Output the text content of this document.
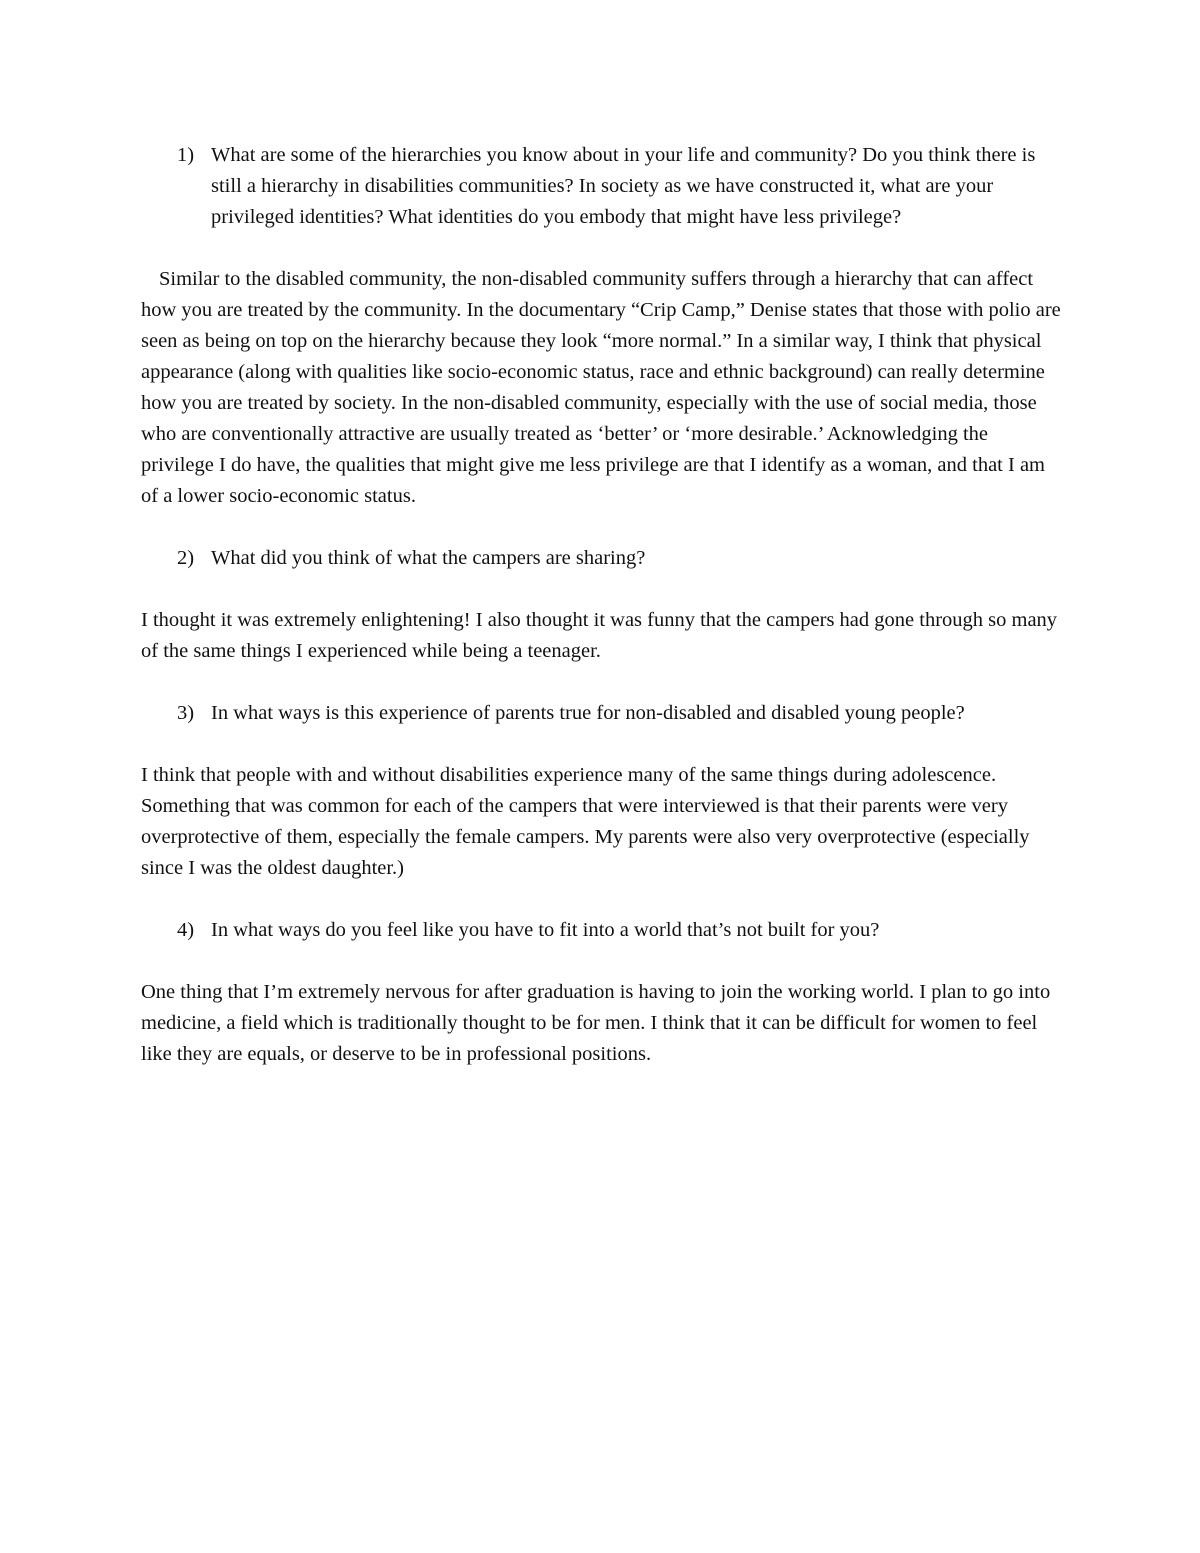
1) What are some of the hierarchies you know about in your life and community? Do you think there is still a hierarchy in disabilities communities? In society as we have constructed it, what are your privileged identities? What identities do you embody that might have less privilege?

Similar to the disabled community, the non-disabled community suffers through a hierarchy that can affect how you are treated by the community. In the documentary “Crip Camp,” Denise states that those with polio are seen as being on top on the hierarchy because they look “more normal.” In a similar way, I think that physical appearance (along with qualities like socio-economic status, race and ethnic background) can really determine how you are treated by society. In the non-disabled community, especially with the use of social media, those who are conventionally attractive are usually treated as ‘better’ or ‘more desirable.’ Acknowledging the privilege I do have, the qualities that might give me less privilege are that I identify as a woman, and that I am of a lower socio-economic status.

2) What did you think of what the campers are sharing?

I thought it was extremely enlightening! I also thought it was funny that the campers had gone through so many of the same things I experienced while being a teenager.

3) In what ways is this experience of parents true for non-disabled and disabled young people?

I think that people with and without disabilities experience many of the same things during adolescence. Something that was common for each of the campers that were interviewed is that their parents were very overprotective of them, especially the female campers. My parents were also very overprotective (especially since I was the oldest daughter.)

4) In what ways do you feel like you have to fit into a world that’s not built for you?

One thing that I’m extremely nervous for after graduation is having to join the working world. I plan to go into medicine, a field which is traditionally thought to be for men. I think that it can be difficult for women to feel like they are equals, or deserve to be in professional positions.
